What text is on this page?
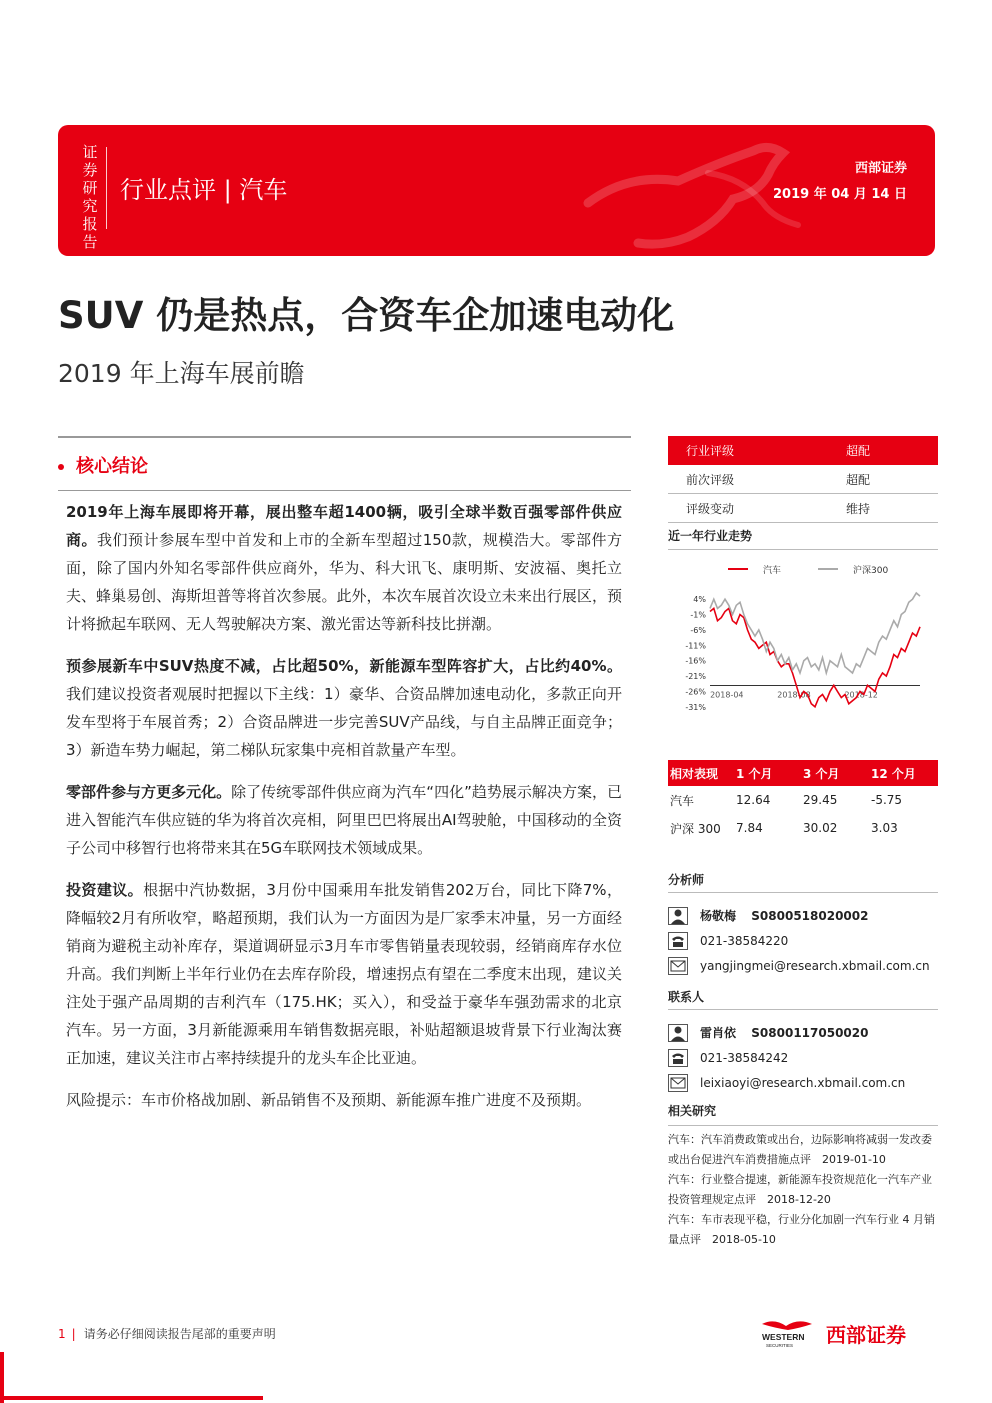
证券研究报告
行业点评 | 汽车
西部证券
2019 年 04 月 14 日
SUV 仍是热点，合资车企加速电动化
2019 年上海车展前瞻
核心结论

2019年上海车展即将开幕，展出整车超1400辆，吸引全球半数百强零部件供应商。我们预计参展车型中首发和上市的全新车型超过150款，规模浩大。零部件方面，除了国内外知名零部件供应商外，华为、科大讯飞、康明斯、安波福、奥托立夫、蜂巢易创、海斯坦普等将首次参展。此外，本次车展首次设立未来出行展区，预计将掀起车联网、无人驾驶解决方案、激光雷达等新科技比拼潮。

预参展新车中SUV热度不减，占比超50%，新能源车型阵容扩大，占比约40%。我们建议投资者观展时把握以下主线：1）豪华、合资品牌加速电动化，多款正向开发车型将于车展首秀；2）合资品牌进一步完善SUV产品线，与自主品牌正面竞争；3）新造车势力崛起，第二梯队玩家集中亮相首款量产车型。

零部件参与方更多元化。除了传统零部件供应商为汽车“四化”趋势展示解决方案，已进入智能汽车供应链的华为将首次亮相，阿里巴巴将展出AI驾驶舱，中国移动的全资子公司中移智行也将带来其在5G车联网技术领域成果。

投资建议。根据中汽协数据，3月份中国乘用车批发销售202万台，同比下降7%，降幅较2月有所收窄，略超预期，我们认为一方面因为是厂家季末冲量，另一方面经销商为避税主动补库存，渠道调研显示3月车市零售销量表现较弱，经销商库存水位升高。我们判断上半年行业仍在去库存阶段，增速拐点有望在二季度末出现，建议关注处于强产品周期的吉利汽车（175.HK；买入），和受益于豪华车强劲需求的北京汽车。另一方面，3月新能源乘用车销售数据亮眼，补贴超额退坡背景下行业淘汰赛正加速，建议关注市占率持续提升的龙头车企比亚迪。

风险提示：车市价格战加剧、新品销售不及预期、新能源车推广进度不及预期。

行业评级	超配
前次评级	超配
评级变动	维持
近一年行业走势
汽车	沪深300
4%
-1%
-6%
-11%
-16%
-21%
-26%
-31%
2018-04	2018-08	2018-12
相对表现	1 个月	3 个月	12 个月
汽车	12.64	29.45	-5.75
沪深 300	7.84	30.02	3.03
分析师
杨敬梅
S0800518020002
021-38584220
yangjingmei@research.xbmail.com.cn
联系人
雷肖依
S0800117050020
021-38584242
leixiaoyi@research.xbmail.com.cn
相关研究
汽车：汽车消费政策或出台，边际影响将减弱一发改委或出台促进汽车消费措施点评　2019-01-10
汽车：行业整合提速，新能源车投资规范化一汽车产业投资管理规定点评　2018-12-20
汽车：车市表现平稳，行业分化加剧一汽车行业 4 月销量点评　2018-05-10
1 | 请务必仔细阅读报告尾部的重要声明	WESTERN
SECURITIES 西部证券
